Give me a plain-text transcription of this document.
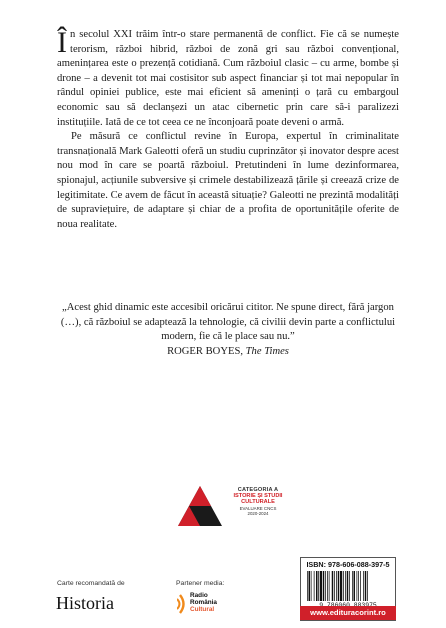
În secolul XXI trăim într-o stare permanentă de conflict. Fie că se numește terorism, război hibrid, război de zonă gri sau război convențional, amenințarea este o prezență cotidiană. Cum războiul clasic – cu arme, bombe și drone – a devenit tot mai costisitor sub aspect financiar și tot mai nepopular în rândul opiniei publice, este mai eficient să ameninți o țară cu embargoul economic sau să declanșezi un atac cibernetic prin care să-i paralizezi instituțiile. Iată de ce tot ceea ce ne înconjoară poate deveni o armă.

Pe măsură ce conflictul revine în Europa, expertul în criminalitate transnațională Mark Galeotti oferă un studiu cuprinzător și inovator despre acest nou mod în care se poartă războiul. Pretutindeni în lume dezinformarea, spionajul, acțiunile subversive și crimele destabilizează țările și creează crize de legitimitate. Ce avem de făcut în această situație? Galeotti ne prezintă modalități de supraviețuire, de adaptare și chiar de a profita de oportunitățile oferite de noua realitate.

„Acest ghid dinamic este accesibil oricărui cititor. Ne spune direct, fără jargon (…), că războiul se adaptează la tehnologie, că civilii devin parte a conflictului modern, fie că le place sau nu.”
ROGER BOYES, The Times
CATEGORIA A
ISTORIE ȘI STUDII
CULTURALE
EVALUARE CNCS
2020-2024
Carte recomandată de
Historia
Partener media:
Radio
România
Cultural
ISBN: 978-606-088-397-5
www.edituracorint.ro
